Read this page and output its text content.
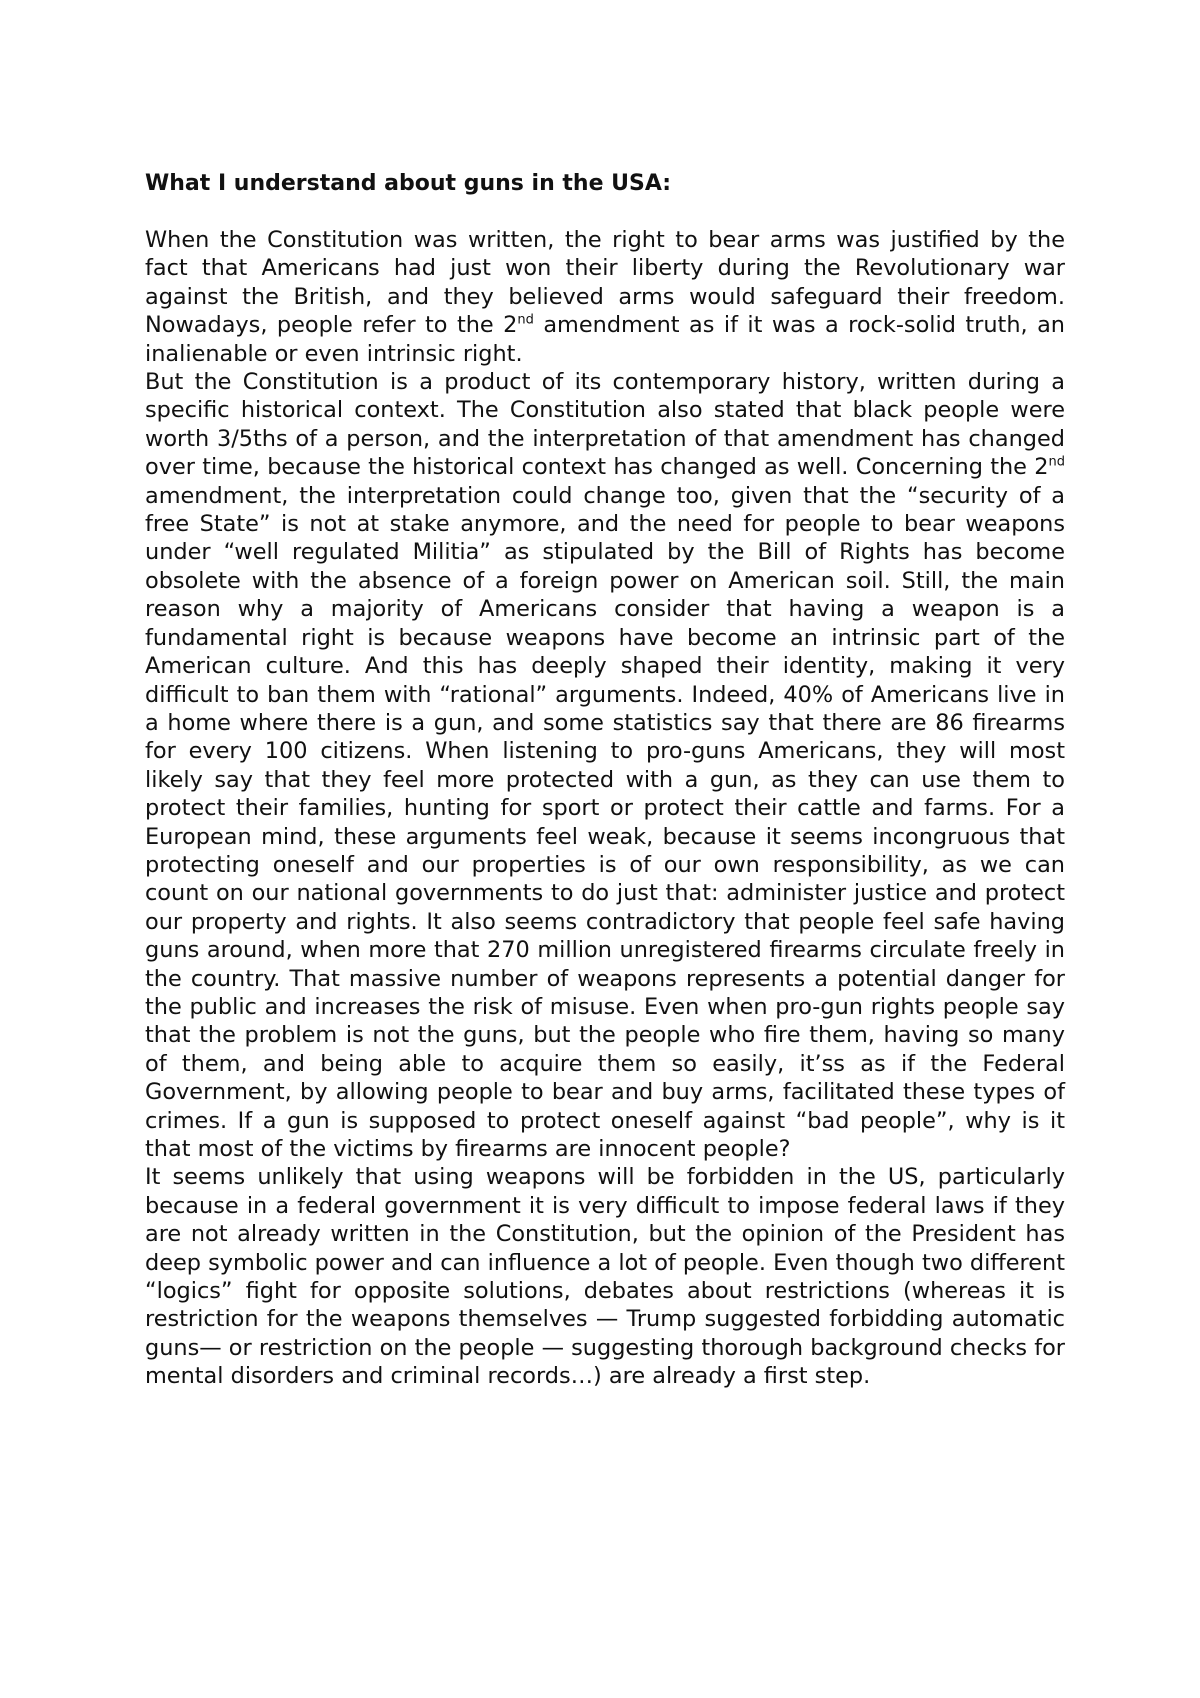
What I understand about guns in the USA:

When the Constitution was written, the right to bear arms was justified by the fact that Americans had just won their liberty during the Revolutionary war against the British, and they believed arms would safeguard their freedom. Nowadays, people refer to the 2nd amendment as if it was a rock-solid truth, an inalienable or even intrinsic right.

But the Constitution is a product of its contemporary history, written during a specific historical context. The Constitution also stated that black people were worth 3/5ths of a person, and the interpretation of that amendment has changed over time, because the historical context has changed as well. Concerning the 2nd amendment, the interpretation could change too, given that the “security of a free State” is not at stake anymore, and the need for people to bear weapons under “well regulated Militia” as stipulated by the Bill of Rights has become obsolete with the absence of a foreign power on American soil. Still, the main reason why a majority of Americans consider that having a weapon is a fundamental right is because weapons have become an intrinsic part of the American culture. And this has deeply shaped their identity, making it very difficult to ban them with “rational” arguments. Indeed, 40% of Americans live in a home where there is a gun, and some statistics say that there are 86 firearms for every 100 citizens. When listening to pro-guns Americans, they will most likely say that they feel more protected with a gun, as they can use them to protect their families, hunting for sport or protect their cattle and farms. For a European mind, these arguments feel weak, because it seems incongruous that protecting oneself and our properties is of our own responsibility, as we can count on our national governments to do just that: administer justice and protect our property and rights. It also seems contradictory that people feel safe having guns around, when more that 270 million unregistered firearms circulate freely in the country. That massive number of weapons represents a potential danger for the public and increases the risk of misuse. Even when pro-gun rights people say that the problem is not the guns, but the people who fire them, having so many of them, and being able to acquire them so easily, it’ss as if the Federal Government, by allowing people to bear and buy arms, facilitated these types of crimes. If a gun is supposed to protect oneself against “bad people”, why is it that most of the victims by firearms are innocent people?

It seems unlikely that using weapons will be forbidden in the US, particularly because in a federal government it is very difficult to impose federal laws if they are not already written in the Constitution, but the opinion of the President has deep symbolic power and can influence a lot of people. Even though two different “logics” fight for opposite solutions, debates about restrictions (whereas it is restriction for the weapons themselves — Trump suggested forbidding automatic guns— or restriction on the people — suggesting thorough background checks for mental disorders and criminal records…) are already a first step.
